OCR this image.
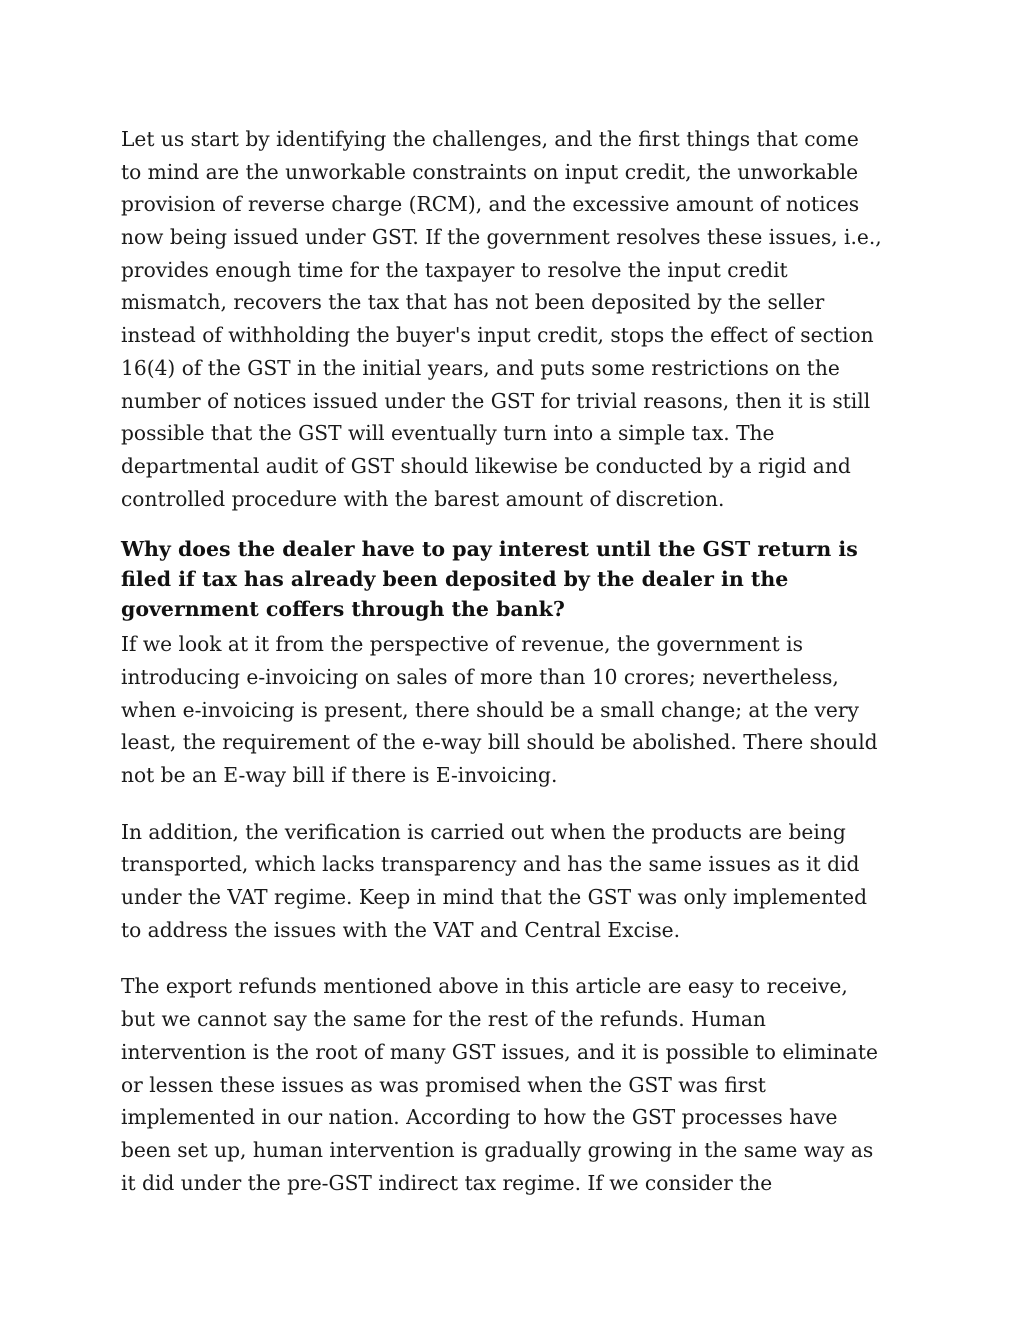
Let us start by identifying the challenges, and the first things that come
to mind are the unworkable constraints on input credit, the unworkable
provision of reverse charge (RCM), and the excessive amount of notices
now being issued under GST. If the government resolves these issues, i.e.,
provides enough time for the taxpayer to resolve the input credit
mismatch, recovers the tax that has not been deposited by the seller
instead of withholding the buyer's input credit, stops the effect of section
16(4) of the GST in the initial years, and puts some restrictions on the
number of notices issued under the GST for trivial reasons, then it is still
possible that the GST will eventually turn into a simple tax. The
departmental audit of GST should likewise be conducted by a rigid and
controlled procedure with the barest amount of discretion.

Why does the dealer have to pay interest until the GST return is
filed if tax has already been deposited by the dealer in the
government coffers through the bank?

If we look at it from the perspective of revenue, the government is
introducing e-invoicing on sales of more than 10 crores; nevertheless,
when e-invoicing is present, there should be a small change; at the very
least, the requirement of the e-way bill should be abolished. There should
not be an E-way bill if there is E-invoicing.

In addition, the verification is carried out when the products are being
transported, which lacks transparency and has the same issues as it did
under the VAT regime. Keep in mind that the GST was only implemented
to address the issues with the VAT and Central Excise.

The export refunds mentioned above in this article are easy to receive,
but we cannot say the same for the rest of the refunds. Human
intervention is the root of many GST issues, and it is possible to eliminate
or lessen these issues as was promised when the GST was first
implemented in our nation. According to how the GST processes have
been set up, human intervention is gradually growing in the same way as
it did under the pre-GST indirect tax regime. If we consider the
